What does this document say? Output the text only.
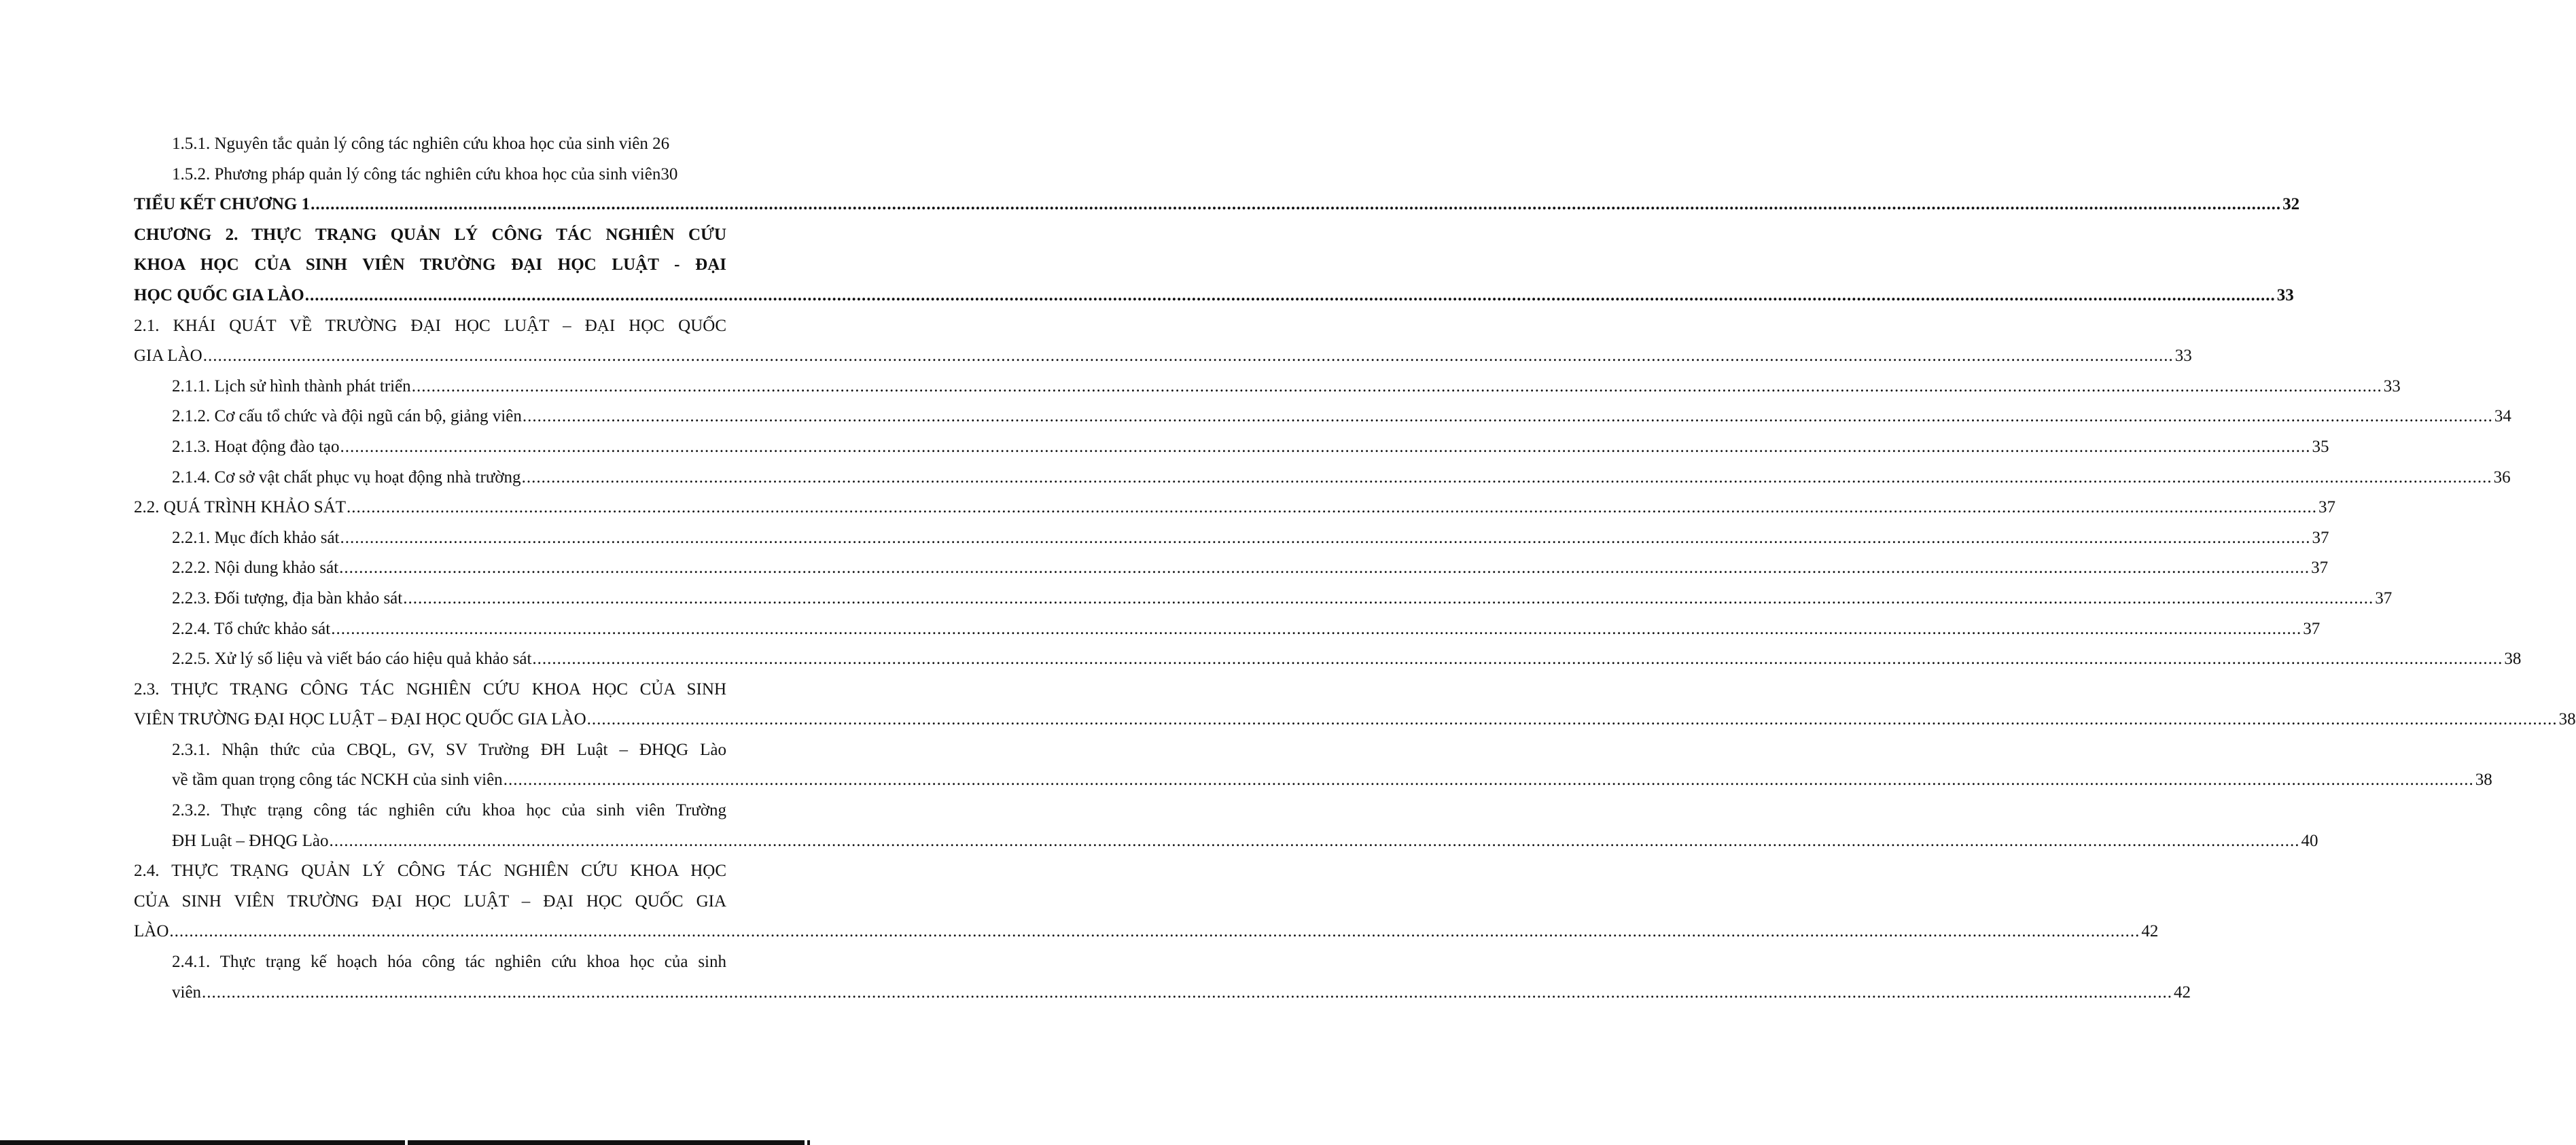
1.5.1. Nguyên tắc quản lý công tác nghiên cứu khoa học của sinh viên 26
1.5.2. Phương pháp quản lý công tác nghiên cứu khoa học của sinh viên30
TIỂU KẾT CHƯƠNG 1 ................................................................................................................................................................................................................................................................................................................................................................................................................ 32
CHƯƠNG 2. THỰC TRẠNG QUẢN LÝ CÔNG TÁC NGHIÊN CỨU
KHOA HỌC CỦA SINH VIÊN TRƯỜNG ĐẠI HỌC LUẬT - ĐẠI
HỌC QUỐC GIA LÀO ................................................................................................................................................................................................................................................................................................................................................................................................................ 33
2.1. KHÁI QUÁT VỀ TRƯỜNG ĐẠI HỌC LUẬT – ĐẠI HỌC QUỐC
GIA LÀO ................................................................................................................................................................................................................................................................................................................................................................................................................ 33
2.1.1. Lịch sử hình thành phát triển ................................................................................................................................................................................................................................................................................................................................................................................................................ 33
2.1.2. Cơ cấu tổ chức và đội ngũ cán bộ, giảng viên ................................................................................................................................................................................................................................................................................................................................................................................................................ 34
2.1.3. Hoạt động đào tạo ................................................................................................................................................................................................................................................................................................................................................................................................................ 35
2.1.4. Cơ sở vật chất phục vụ hoạt động nhà trường ................................................................................................................................................................................................................................................................................................................................................................................................................ 36
2.2. QUÁ TRÌNH KHẢO SÁT ................................................................................................................................................................................................................................................................................................................................................................................................................ 37
2.2.1. Mục đích khảo sát ................................................................................................................................................................................................................................................................................................................................................................................................................ 37
2.2.2. Nội dung khảo sát ................................................................................................................................................................................................................................................................................................................................................................................................................ 37
2.2.3. Đối tượng, địa bàn khảo sát ................................................................................................................................................................................................................................................................................................................................................................................................................ 37
2.2.4. Tổ chức khảo sát ................................................................................................................................................................................................................................................................................................................................................................................................................ 37
2.2.5. Xử lý số liệu và viết báo cáo hiệu quả khảo sát ................................................................................................................................................................................................................................................................................................................................................................................................................ 38
2.3. THỰC TRẠNG CÔNG TÁC NGHIÊN CỨU KHOA HỌC CỦA SINH
VIÊN TRƯỜNG ĐẠI HỌC LUẬT – ĐẠI HỌC QUỐC GIA LÀO ................................................................................................................................................................................................................................................................................................................................................................................................................ 38
2.3.1. Nhận thức của CBQL, GV, SV Trường ĐH Luật – ĐHQG Lào
về tầm quan trọng công tác NCKH của sinh viên ................................................................................................................................................................................................................................................................................................................................................................................................................ 38
2.3.2. Thực trạng công tác nghiên cứu khoa học của sinh viên Trường
ĐH Luật – ĐHQG Lào ................................................................................................................................................................................................................................................................................................................................................................................................................ 40
2.4. THỰC TRẠNG QUẢN LÝ CÔNG TÁC NGHIÊN CỨU KHOA HỌC
CỦA SINH VIÊN TRƯỜNG ĐẠI HỌC LUẬT – ĐẠI HỌC QUỐC GIA
LÀO ................................................................................................................................................................................................................................................................................................................................................................................................................ 42
2.4.1. Thực trạng kế hoạch hóa công tác nghiên cứu khoa học của sinh
viên ................................................................................................................................................................................................................................................................................................................................................................................................................ 42
